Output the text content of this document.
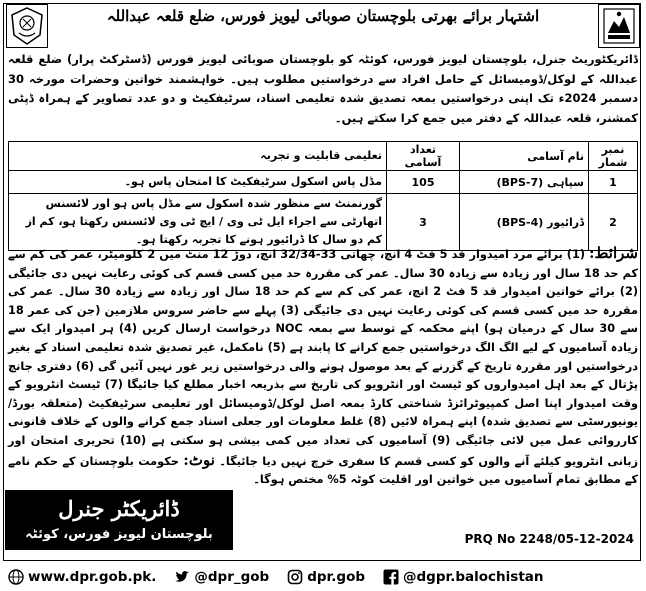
اشتہار برائے بھرتی بلوچستان صوبائی لیویز فورس، ضلع قلعہ عبداللہ
ڈائریکٹوریٹ جنرل، بلوچستان لیویز فورس، کوئٹہ کو بلوچستان صوبائی لیویز فورس (ڈسٹرکٹ پرار) ضلع قلعہ عبداللہ کے لوکل/ڈومیسائل کے حامل افراد سے درخواستیں مطلوب ہیں۔ خواہشمند خواتین وحضرات مورخہ 30 دسمبر 2024ء تک اپنی درخواستیں بمعہ تصدیق شدہ تعلیمی اسناد، سرٹیفکیٹ و دو عدد تصاویر کے ہمراہ ڈپٹی کمشنر، قلعہ عبداللہ کے دفتر میں جمع کرا سکتے ہیں۔
نمبر شمار	نام آسامی	تعداد آسامی	تعلیمی قابلیت و تجربہ
1	سپاہی (BPS-7)	105	مڈل پاس اسکول سرٹیفکیٹ کا امتحان پاس ہو۔
2	ڈرائیور (BPS-4)	3	گورنمنٹ سے منظور شدہ اسکول سے مڈل پاس ہو اور لائسنس اتھارٹی سے اجراء ایل ٹی وی / ایچ ٹی وی لائسنس رکھتا ہو، کم از کم دو سال کا ڈرائیور ہونے کا تجربہ رکھتا ہو۔
شرائط: (1) برائے مرد امیدوار قد 5 فٹ 4 انچ، چھاتی 33-32/34 انچ، دوڑ 12 منٹ میں 2 کلومیٹر، عمر کی کم سے کم حد 18 سال اور زیادہ سے زیادہ 30 سال۔ عمر کی مقررہ حد میں کسی قسم کی کوئی رعایت نہیں دی جائیگی (2) برائے خواتین امیدوار قد 5 فٹ 2 انچ، عمر کی کم سے کم حد 18 سال اور زیادہ سے زیادہ 30 سال۔ عمر کی مقررہ حد میں کسی قسم کی کوئی رعایت نہیں دی جائیگی (3) پہلے سے حاضر سروس ملازمین (جن کی عمر 18 سے 30 سال کے درمیان ہو) اپنے محکمہ کے توسط سے بمعہ NOC درخواست ارسال کریں (4) ہر امیدوار ایک سے زیادہ آسامیوں کے لیے الگ الگ درخواستیں جمع کرانے کا پابند ہے (5) نامکمل، غیر تصدیق شدہ تعلیمی اسناد کے بغیر درخواستیں اور مقررہ تاریخ کے گزرنے کے بعد موصول ہونے والی درخواستیں زیر غور نہیں آئیں گی (6) دفتری جانچ پڑتال کے بعد اہل امیدواروں کو ٹیسٹ اور انٹرویو کی تاریخ سے بذریعہ اخبار مطلع کیا جائیگا (7) ٹیسٹ انٹرویو کے وقت امیدوار اپنا اصل کمپیوٹرائزڈ شناختی کارڈ بمعہ اصل لوکل/ڈومیسائل اور تعلیمی سرٹیفکیٹ (متعلقہ بورڈ/یونیورسٹی سے تصدیق شدہ) اپنے ہمراہ لائیں (8) غلط معلومات اور جعلی اسناد جمع کرانے والوں کے خلاف قانونی کارروائی عمل میں لائی جائیگی (9) آسامیوں کی تعداد میں کمی بیشی ہو سکتی ہے (10) تحریری امتحان اور زبانی انٹرویو کیلئے آنے والوں کو کسی قسم کا سفری خرچ نہیں دیا جائیگا۔ نوٹ: حکومت بلوچستان کے حکم نامے کے مطابق تمام آسامیوں میں خواتین اور اقلیت کوٹہ 5% مختص ہوگا۔
ڈائریکٹر جنرل
بلوچستان لیویز فورس، کوئٹہ	PRQ No 2248/05-12-2024
www.dpr.gob.pk.	@dpr_gob	dpr.gob	@dgpr.balochistan
